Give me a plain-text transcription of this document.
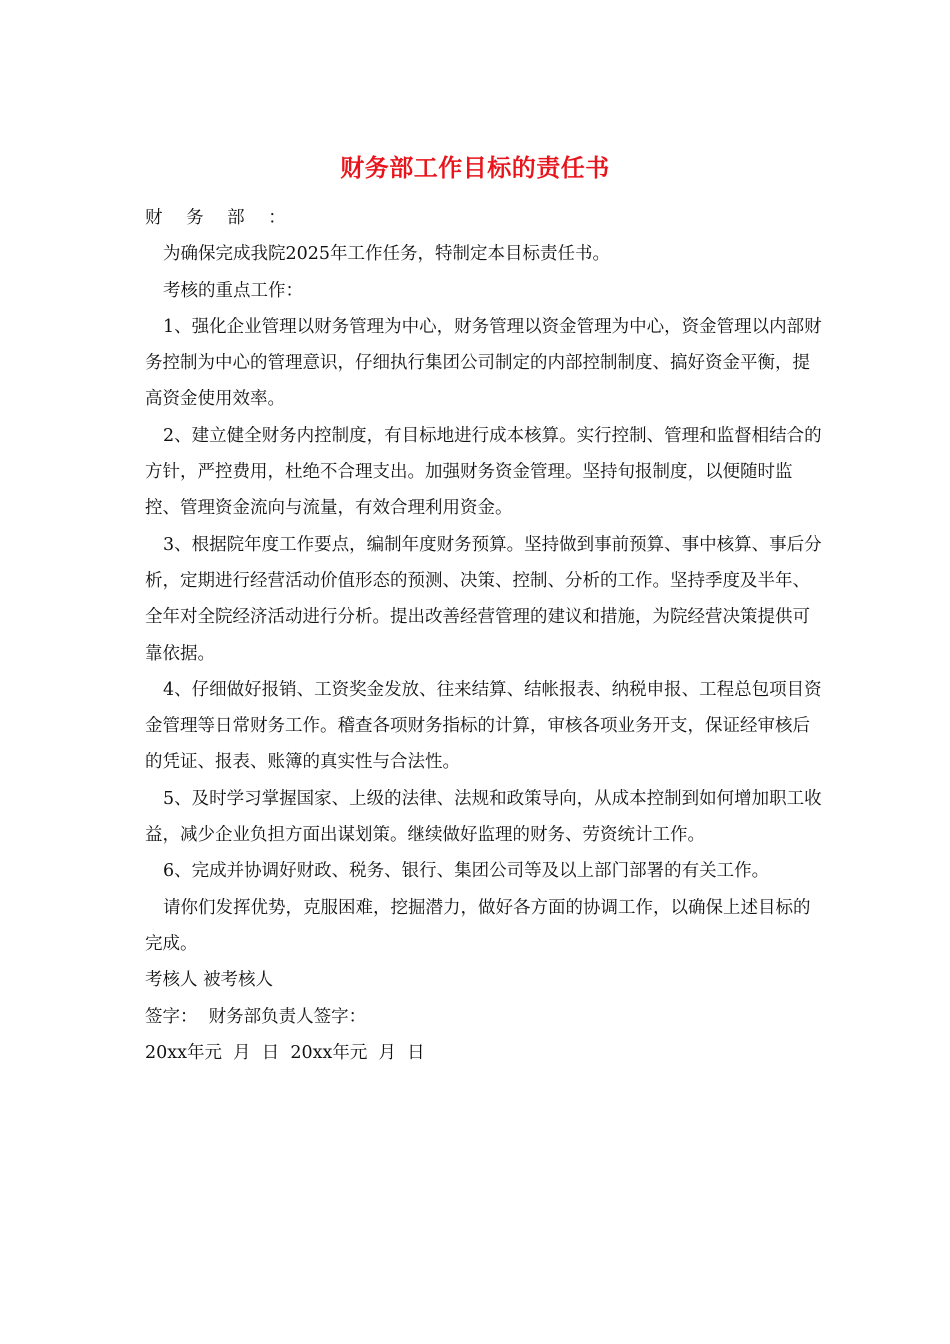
财务部工作目标的责任书

财 务 部 ：

为确保完成我院2025年工作任务，特制定本目标责任书。

考核的重点工作：

1、强化企业管理以财务管理为中心，财务管理以资金管理为中心，资金管理以内部财务控制为中心的管理意识，仔细执行集团公司制定的内部控制制度、搞好资金平衡，提高资金使用效率。

2、建立健全财务内控制度，有目标地进行成本核算。实行控制、管理和监督相结合的方针，严控费用，杜绝不合理支出。加强财务资金管理。坚持旬报制度，以便随时监控、管理资金流向与流量，有效合理利用资金。

3、根据院年度工作要点，编制年度财务预算。坚持做到事前预算、事中核算、事后分析，定期进行经营活动价值形态的预测、决策、控制、分析的工作。坚持季度及半年、全年对全院经济活动进行分析。提出改善经营管理的建议和措施，为院经营决策提供可靠依据。

4、仔细做好报销、工资奖金发放、往来结算、结帐报表、纳税申报、工程总包项目资金管理等日常财务工作。稽查各项财务指标的计算，审核各项业务开支，保证经审核后的凭证、报表、账簿的真实性与合法性。

5、及时学习掌握国家、上级的法律、法规和政策导向，从成本控制到如何增加职工收益，减少企业负担方面出谋划策。继续做好监理的财务、劳资统计工作。

6、完成并协调好财政、税务、银行、集团公司等及以上部门部署的有关工作。

请你们发挥优势，克服困难，挖掘潜力，做好各方面的协调工作，以确保上述目标的完成。

考核人 被考核人

签字：  财务部负责人签字：

20xx年元  月  日  20xx年元  月  日
